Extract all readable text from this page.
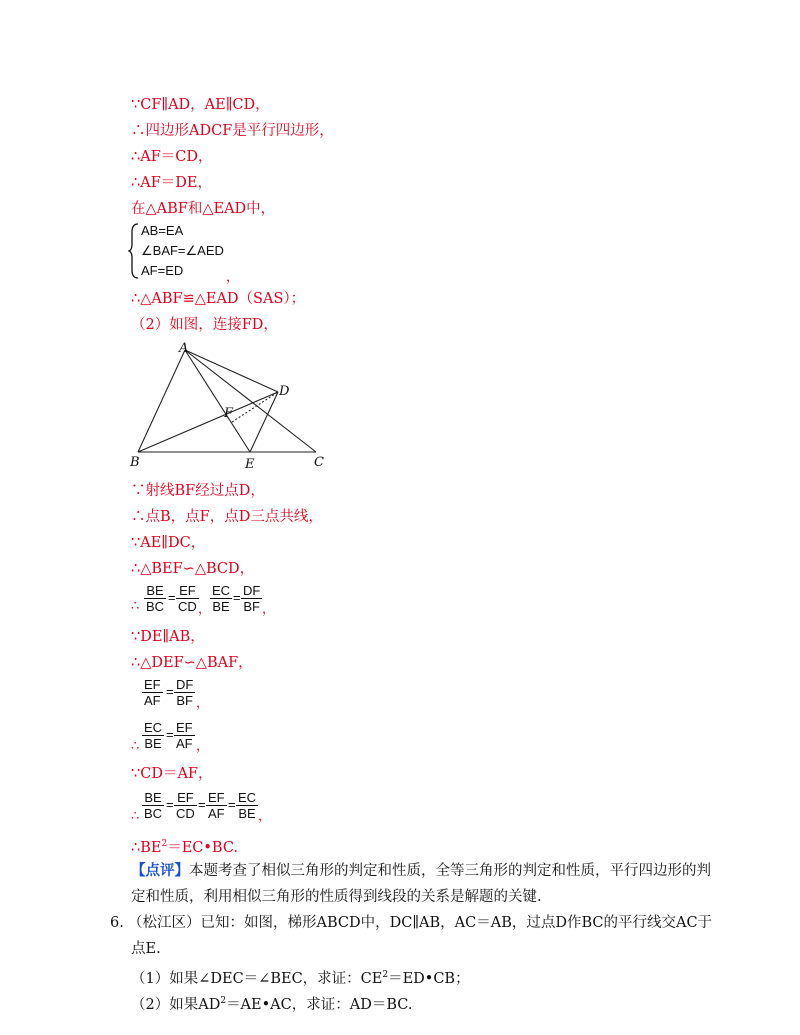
∵CF∥AD，AE∥CD，
∴四边形ADCF是平行四边形，
∴AF＝CD，
∴AF＝DE，
在△ABF和△EAD中，
AB=EA
∠BAF=∠AED
AF=ED	，
∴△ABF≌△EAD（SAS）；
（2）如图，连接FD，
A
B	C
D
E
F
∵射线BF经过点D，
∴点B，点F，点D三点共线，
∵AE∥DC，
∴△BEF∽△BCD，
∴ $\frac{BE}{BC} = \frac{EF}{CD}$ ，
$\frac{EC}{BE} = \frac{DF}{BF}$ ，
∵DE∥AB，
∴△DEF∽△BAF，
$\frac{EF}{AF} = \frac{DF}{BF}$ ，
∴ $\frac{EC}{BE} = \frac{EF}{AF}$ ，
∵CD＝AF，
∴ $\frac{BE}{BC} = \frac{EF}{CD} = \frac{EF}{AF} = \frac{EC}{BE}$ ，
$\therefore BE^2=EC•BC$.
【点评】本题考查了相似三角形的判定和性质，全等三角形的判定和性质，平行四边形的判
定和性质，利用相似三角形的性质得到线段的关系是解题的关键.
6. （松江区）已知：如图，梯形ABCD中，DC∥AB，AC＝AB，过点D作BC的平行线交AC于
点E.
（1）如果∠DEC＝∠BEC，求证：$CE^2=ED•CB$；
（2）如果$AD^2=AE•AC$，求证：AD＝BC.
